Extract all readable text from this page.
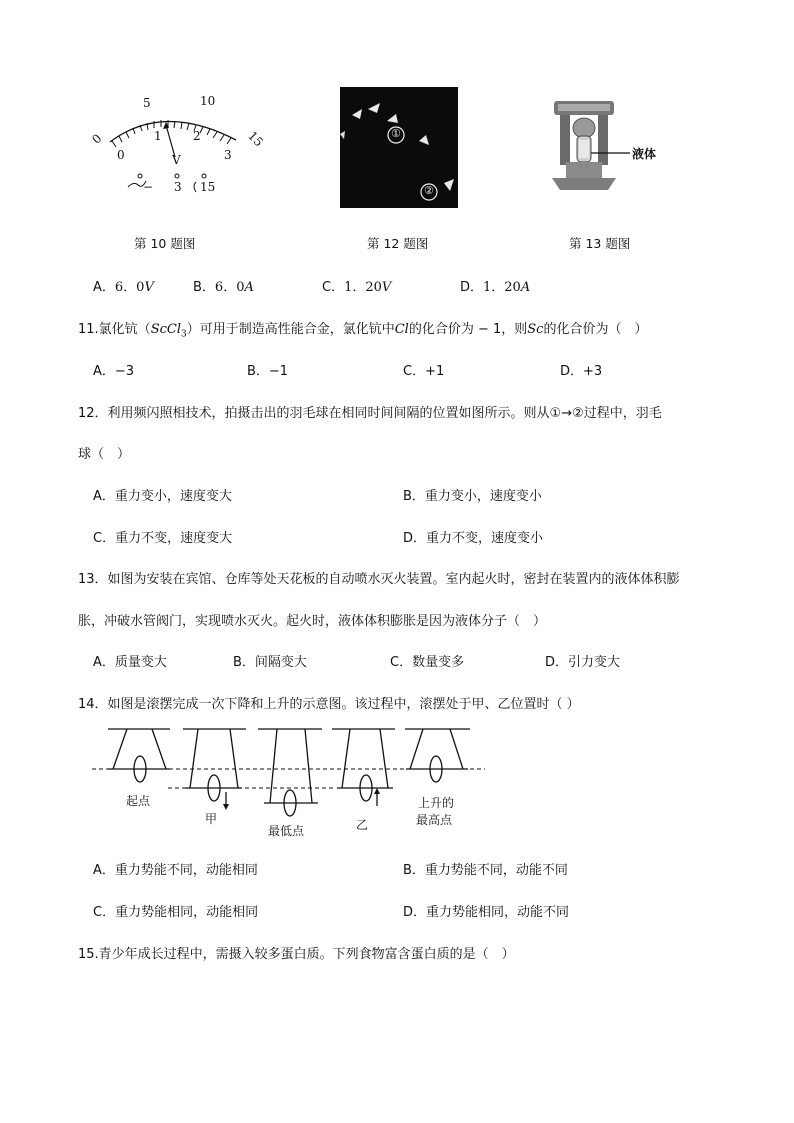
5	10
15
0
0
1	2
3
V
− 3 15
①
②
液体
第 10 题图	第 12 题图	第 13 题图
A．6．0V	B．6．0A	C．1．20V	D．1．20A
11.氯化钪（ScCl$_3$）可用于制造高性能合金，氯化钪中Cl的化合价为 − 1，则Sc的化合价为（　）
A．−3	B．−1	C．+1	D．+3
12．利用频闪照相技术，拍摄击出的羽毛球在相同时间间隔的位置如图所示。则从①→②过程中，羽毛
球（　）
A．重力变小，速度变大	B．重力变小，速度变小
C．重力不变，速度变大	D．重力不变，速度变小
13．如图为安装在宾馆、仓库等处天花板的自动喷水灭火装置。室内起火时，密封在装置内的液体体积膨
胀，冲破水管阀门，实现喷水灭火。起火时，液体体积膨胀是因为液体分子（　）
A．质量变大	B．间隔变大	C．数量变多	D．引力变大
14．如图是滚摆完成一次下降和上升的示意图。该过程中，滚摆处于甲、乙位置时（ ）
起点
甲
最低点	乙
上升的
最高点
A．重力势能不同，动能相同	B．重力势能不同，动能不同
C．重力势能相同，动能相同	D．重力势能相同，动能不同
15.青少年成长过程中，需摄入较多蛋白质。下列食物富含蛋白质的是（　）
